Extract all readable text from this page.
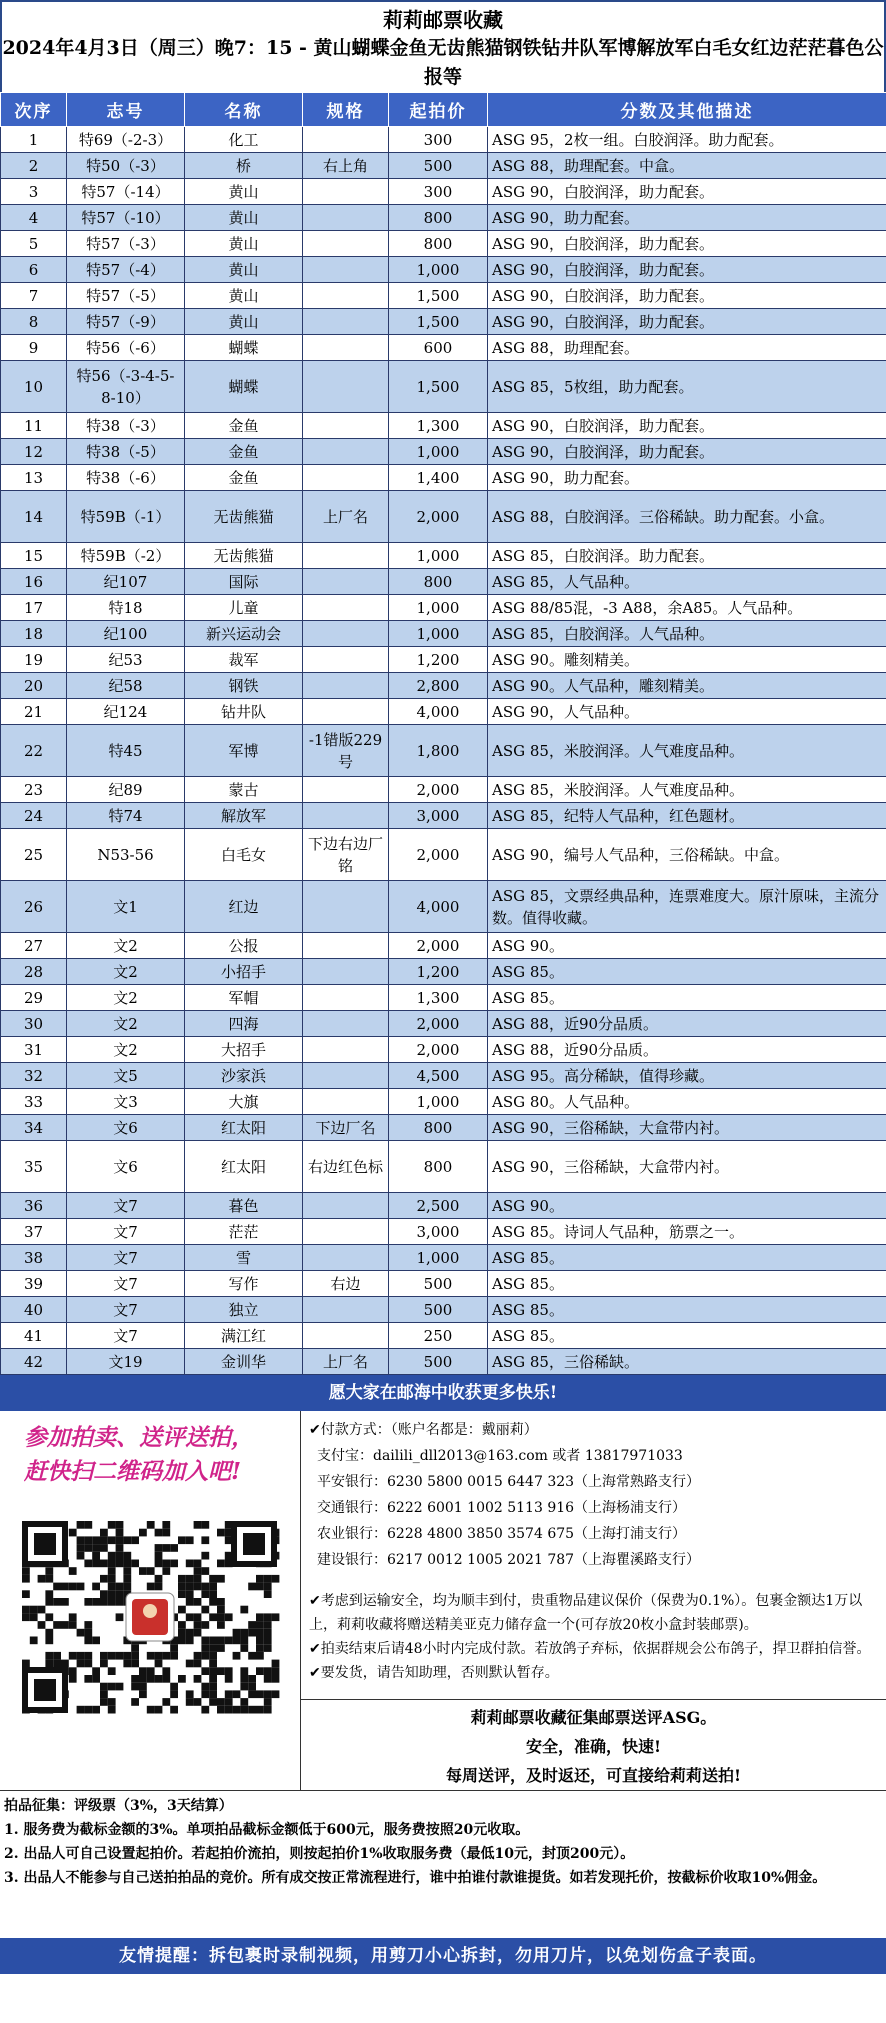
莉莉邮票收藏
2024年4月3日（周三）晚7：15 - 黄山蝴蝶金鱼无齿熊猫钢铁钻井队军博解放军白毛女红边茫茫暮色公报等
次序	志号	名称	规格	起拍价	分数及其他描述
1	特69（-2-3）	化工		300	ASG 95，2枚一组。白胶润泽。助力配套。
2	特50（-3）	桥	右上角	500	ASG 88，助理配套。中盒。
3	特57（-14）	黄山		300	ASG 90，白胶润泽，助力配套。
4	特57（-10）	黄山		800	ASG 90，助力配套。
5	特57（-3）	黄山		800	ASG 90，白胶润泽，助力配套。
6	特57（-4）	黄山		1,000	ASG 90，白胶润泽，助力配套。
7	特57（-5）	黄山		1,500	ASG 90，白胶润泽，助力配套。
8	特57（-9）	黄山		1,500	ASG 90，白胶润泽，助力配套。
9	特56（-6）	蝴蝶		600	ASG 88，助理配套。
10	特56（-3-4-5-8-10）	蝴蝶		1,500	ASG 85，5枚组，助力配套。
11	特38（-3）	金鱼		1,300	ASG 90，白胶润泽，助力配套。
12	特38（-5）	金鱼		1,000	ASG 90，白胶润泽，助力配套。
13	特38（-6）	金鱼		1,400	ASG 90，助力配套。
14	特59B（-1）	无齿熊猫	上厂名	2,000	ASG 88，白胶润泽。三俗稀缺。助力配套。小盒。
15	特59B（-2）	无齿熊猫		1,000	ASG 85，白胶润泽。助力配套。
16	纪107	国际		800	ASG 85，人气品种。
17	特18	儿童		1,000	ASG 88/85混，-3 A88，余A85。人气品种。
18	纪100	新兴运动会		1,000	ASG 85，白胶润泽。人气品种。
19	纪53	裁军		1,200	ASG 90。雕刻精美。
20	纪58	钢铁		2,800	ASG 90。人气品种，雕刻精美。
21	纪124	钻井队		4,000	ASG 90，人气品种。
22	特45	军博	-1错版229号	1,800	ASG 85，米胶润泽。人气难度品种。
23	纪89	蒙古		2,000	ASG 85，米胶润泽。人气难度品种。
24	特74	解放军		3,000	ASG 85，纪特人气品种，红色题材。
25	N53-56	白毛女	下边右边厂铭	2,000	ASG 90，编号人气品种，三俗稀缺。中盒。
26	文1	红边		4,000	ASG 85，文票经典品种，连票难度大。原汁原味，主流分数。值得收藏。
27	文2	公报		2,000	ASG 90。
28	文2	小招手		1,200	ASG 85。
29	文2	军帽		1,300	ASG 85。
30	文2	四海		2,000	ASG 88，近90分品质。
31	文2	大招手		2,000	ASG 88，近90分品质。
32	文5	沙家浜		4,500	ASG 95。高分稀缺，值得珍藏。
33	文3	大旗		1,000	ASG 80。人气品种。
34	文6	红太阳	下边厂名	800	ASG 90，三俗稀缺，大盒带内衬。
35	文6	红太阳	右边红色标	800	ASG 90，三俗稀缺，大盒带内衬。
36	文7	暮色		2,500	ASG 90。
37	文7	茫茫		3,000	ASG 85。诗词人气品种，筋票之一。
38	文7	雪		1,000	ASG 85。
39	文7	写作	右边	500	ASG 85。
40	文7	独立		500	ASG 85。
41	文7	满江红		250	ASG 85。
42	文19	金训华	上厂名	500	ASG 85，三俗稀缺。
愿大家在邮海中收获更多快乐!
参加拍卖、送评送拍，
赶快扫二维码加入吧!
✔付款方式：（账户名都是：戴丽莉）
支付宝：dailili_dll2013@163.com 或者 13817971033
平安银行：6230 5800 0015 6447 323（上海常熟路支行）
交通银行：6222 6001 1002 5113 916（上海杨浦支行）
农业银行：6228 4800 3850 3574 675（上海打浦支行）
建设银行：6217 0012 1005 2021 787（上海瞿溪路支行）
✔考虑到运输安全，均为顺丰到付，贵重物品建议保价（保费为0.1%）。包裹金额达1万以上，莉莉收藏将赠送精美亚克力储存盒一个(可存放20枚小盒封装邮票)。
✔拍卖结束后请48小时内完成付款。若放鸽子弃标，依据群规会公布鸽子，捍卫群拍信誉。
✔要发货，请告知助理，否则默认暂存。
莉莉邮票收藏征集邮票送评ASG。
安全，准确，快速!
每周送评，及时返还，可直接给莉莉送拍!
拍品征集：评级票（3%，3天结算）
1. 服务费为截标金额的3%。单项拍品截标金额低于600元，服务费按照20元收取。
2. 出品人可自己设置起拍价。若起拍价流拍，则按起拍价1%收取服务费（最低10元，封顶200元）。
3. 出品人不能参与自己送拍拍品的竞价。所有成交按正常流程进行，谁中拍谁付款谁提货。如若发现托价，按截标价收取10%佣金。
友情提醒：拆包裹时录制视频，用剪刀小心拆封，勿用刀片，以免划伤盒子表面。
